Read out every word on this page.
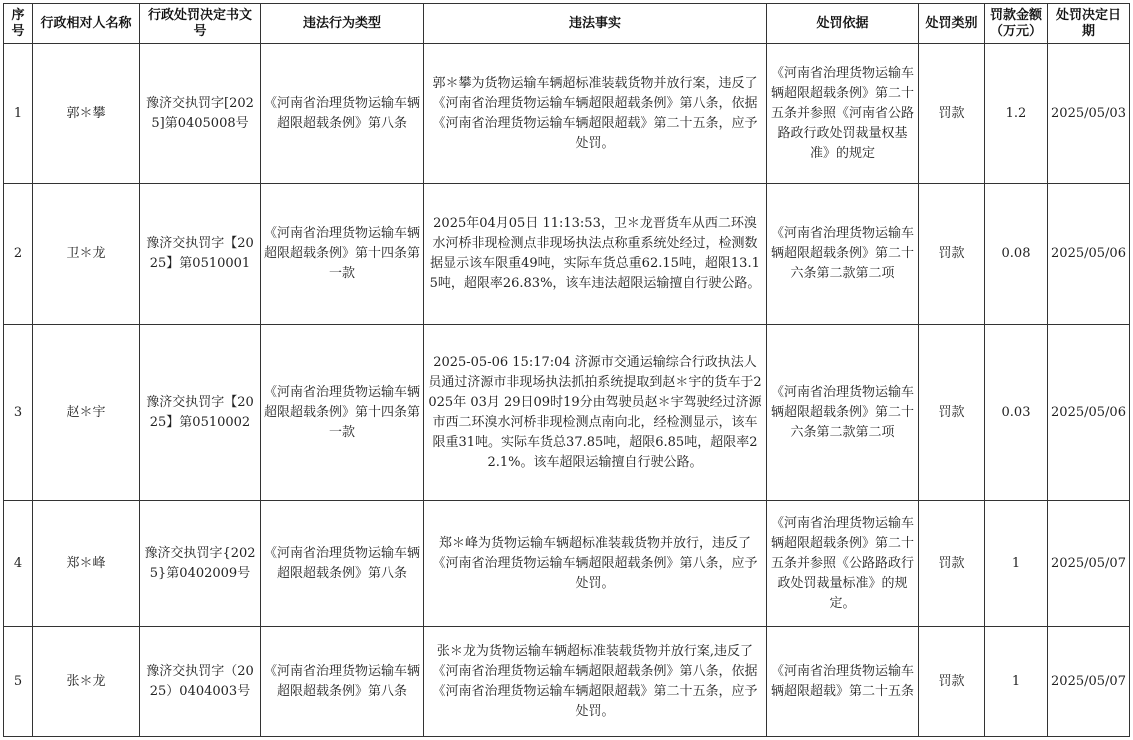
序号	行政相对人名称	行政处罚决定书文号	违法行为类型	违法事实	处罚依据	处罚类别	罚款金额（万元）	处罚决定日期
1	郭＊攀	豫济交执罚字[2025]第0405008号	《河南省治理货物运输车辆超限超载条例》第八条	郭＊攀为货物运输车辆超标准装载货物并放行案，违反了《河南省治理货物运输车辆超限超载条例》第八条，依据《河南省治理货物运输车辆超限超载》第二十五条，应予处罚。	《河南省治理货物运输车辆超限超载条例》第二十五条并参照《河南省公路路政行政处罚裁量权基准》的规定	罚款	1.2	2025/05/03
2	卫＊龙	豫济交执罚字【2025】第0510001	《河南省治理货物运输车辆超限超载条例》第十四条第一款	2025年04月05日 11:13:53，卫＊龙晋货车从西二环溴水河桥非现检测点非现场执法点称重系统处经过，检测数据显示该车限重49吨，实际车货总重62.15吨，超限13.15吨，超限率26.83%，该车违法超限运输擅自行驶公路。	《河南省治理货物运输车辆超限超载条例》第二十六条第二款第二项	罚款	0.08	2025/05/06
3	赵＊宇	豫济交执罚字【2025】第0510002	《河南省治理货物运输车辆超限超载条例》第十四条第一款	2025-05-06 15:17:04 济源市交通运输综合行政执法人员通过济源市非现场执法抓拍系统提取到赵＊宇的货车于2025年 03月 29日09时19分由驾驶员赵＊宇驾驶经过济源市西二环溴水河桥非现检测点南向北，经检测显示，该车限重31吨。实际车货总37.85吨，超限6.85吨，超限率22.1%。该车超限运输擅自行驶公路。	《河南省治理货物运输车辆超限超载条例》第二十六条第二款第二项	罚款	0.03	2025/05/06
4	郑＊峰	豫济交执罚字{2025}第0402009号	《河南省治理货物运输车辆超限超载条例》第八条	郑＊峰为货物运输车辆超标准装载货物并放行，违反了《河南省治理货物运输车辆超限超载条例》第八条，应予处罚。	《河南省治理货物运输车辆超限超载条例》第二十五条并参照《公路路政行政处罚裁量标准》的规定。	罚款	1	2025/05/07
5	张＊龙	豫济交执罚字（2025）0404003号	《河南省治理货物运输车辆超限超载条例》第八条	张＊龙为货物运输车辆超标准装载货物并放行案,违反了《河南省治理货物运输车辆超限超载条例》第八条，依据《河南省治理货物运输车辆超限超载》第二十五条，应予处罚。	《河南省治理货物运输车辆超限超载》第二十五条	罚款	1	2025/05/07
